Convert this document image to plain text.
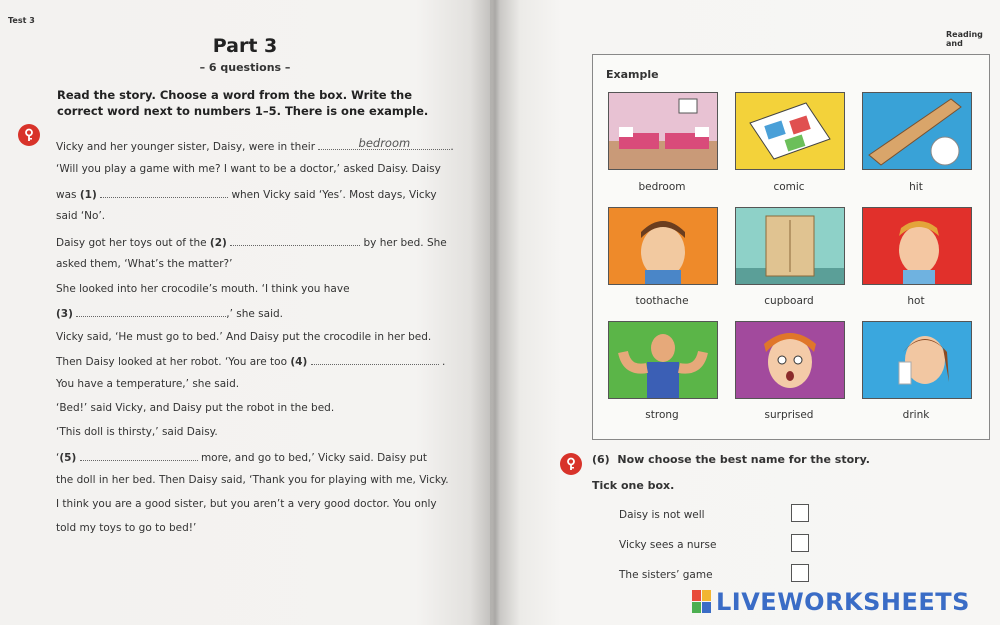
Test 3
Reading and
Part 3
– 6 questions –
Read the story. Choose a word from the box. Write the correct word next to numbers 1–5. There is one example.
Vicky and her younger sister, Daisy, were in their	bedroom	.
‘Will you play a game with me? I want to be a doctor,’ asked Daisy. Daisy
was (1)	when Vicky said ‘Yes’. Most days, Vicky
said ‘No’.
Daisy got her toys out of the (2)	by her bed. She
asked them, ‘What’s the matter?’
She looked into her crocodile’s mouth. ‘I think you have
(3)	,’ she said.
Vicky said, ‘He must go to bed.’ And Daisy put the crocodile in her bed.
Then Daisy looked at her robot. ‘You are too (4)	.
You have a temperature,’ she said.
‘Bed!’ said Vicky, and Daisy put the robot in the bed.
‘This doll is thirsty,’ said Daisy.
‘(5)	more, and go to bed,’ Vicky said. Daisy put
the doll in her bed. Then Daisy said, ‘Thank you for playing with me, Vicky.
I think you are a good sister, but you aren’t a very good doctor. You only
told my toys to go to bed!’
Example
bedroom	comic	hit
toothache	cupboard	hot
strong	surprised	drink
(6) Now choose the best name for the story.
Tick one box.
Daisy is not well
Vicky sees a nurse
The sisters’ game
LIVEWORKSHEETS
